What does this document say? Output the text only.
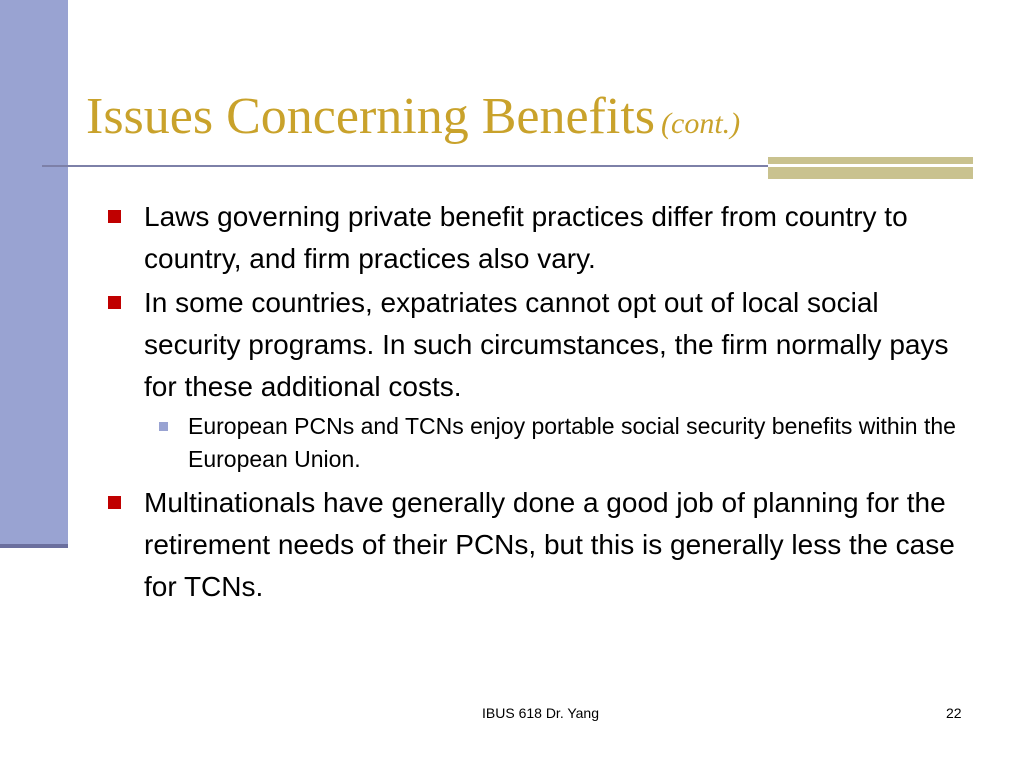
Issues Concerning Benefits (cont.)
Laws governing private benefit practices differ from country to country, and firm practices also vary.
In some countries, expatriates cannot opt out of local social security programs. In such circumstances, the firm normally pays for these additional costs.
European PCNs and TCNs enjoy portable social security benefits within the European Union.
Multinationals have generally done a good job of planning for the retirement needs of their PCNs, but this is generally less the case for TCNs.
IBUS 618 Dr. Yang	22
